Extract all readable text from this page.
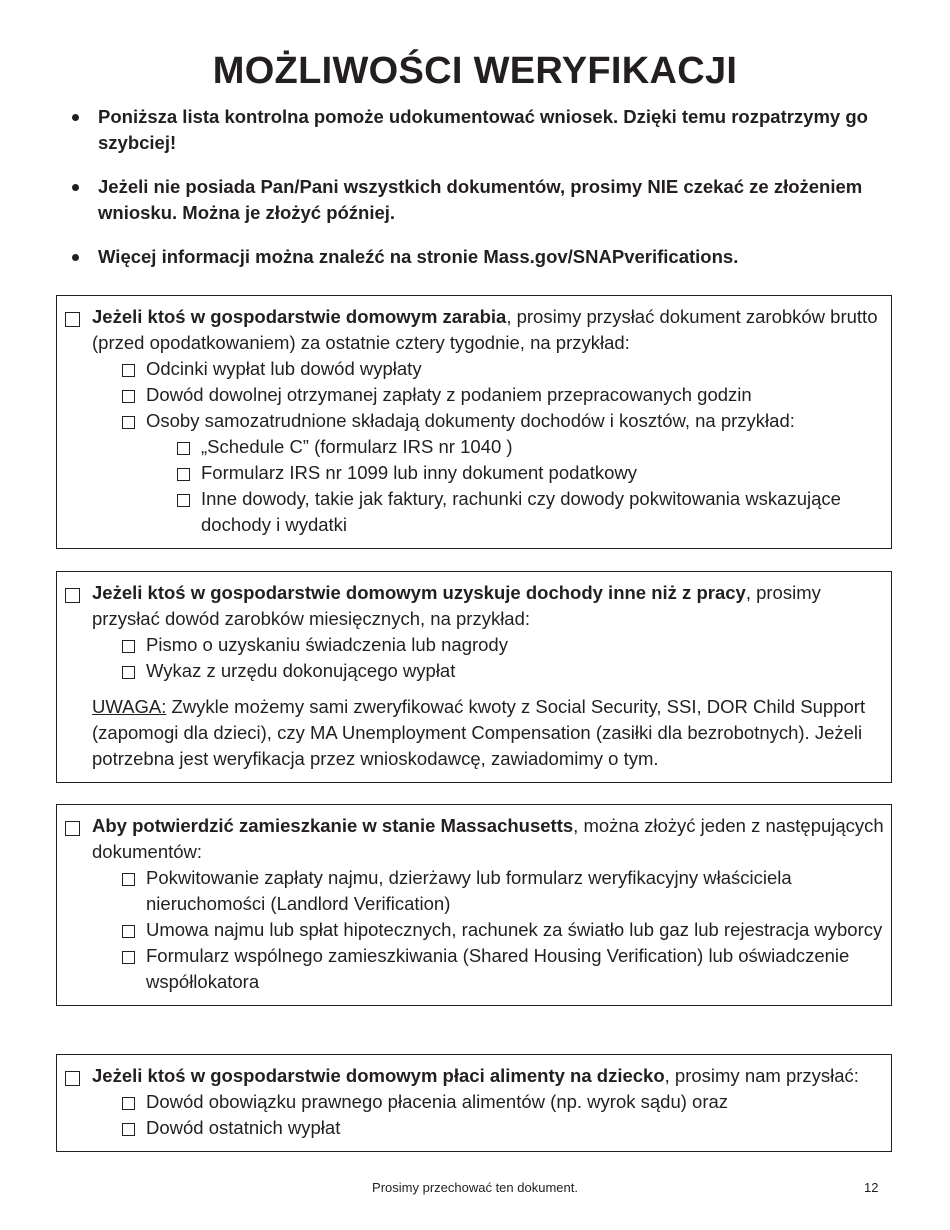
MOŻLIWOŚCI WERYFIKACJI
Poniższa lista kontrolna pomoże udokumentować wniosek. Dzięki temu rozpatrzymy go szybciej!
Jeżeli nie posiada Pan/Pani wszystkich dokumentów, prosimy NIE czekać ze złożeniem wniosku. Można je złożyć później.
Więcej informacji można znaleźć na stronie Mass.gov/SNAPverifications.
Jeżeli ktoś w gospodarstwie domowym zarabia, prosimy przysłać dokument zarobków brutto (przed opodatkowaniem) za ostatnie cztery tygodnie, na przykład:
Odcinki wypłat lub dowód wypłaty
Dowód dowolnej otrzymanej zapłaty z podaniem przepracowanych godzin
Osoby samozatrudnione składają dokumenty dochodów i kosztów, na przykład:
„Schedule C” (formularz IRS nr 1040 )
Formularz IRS nr 1099 lub inny dokument podatkowy
Inne dowody, takie jak faktury, rachunki czy dowody pokwitowania wskazujące dochody i wydatki
Jeżeli ktoś w gospodarstwie domowym uzyskuje dochody inne niż z pracy, prosimy przysłać dowód zarobków miesięcznych, na przykład:
Pismo o uzyskaniu świadczenia lub nagrody
Wykaz z urzędu dokonującego wypłat
UWAGA: Zwykle możemy sami zweryfikować kwoty z Social Security, SSI, DOR Child Support (zapomogi dla dzieci), czy MA Unemployment Compensation (zasiłki dla bezrobotnych). Jeżeli potrzebna jest weryfikacja przez wnioskodawcę, zawiadomimy o tym.
Aby potwierdzić zamieszkanie w stanie Massachusetts, można złożyć jeden z następujących dokumentów:
Pokwitowanie zapłaty najmu, dzierżawy lub formularz weryfikacyjny właściciela nieruchomości (Landlord Verification)
Umowa najmu lub spłat hipotecznych, rachunek za światło lub gaz lub rejestracja wyborcy
Formularz wspólnego zamieszkiwania (Shared Housing Verification) lub oświadczenie współlokatora
Jeżeli ktoś w gospodarstwie domowym płaci alimenty na dziecko, prosimy nam przysłać:
Dowód obowiązku prawnego płacenia alimentów (np. wyrok sądu) oraz
Dowód ostatnich wypłat
Prosimy przechować ten dokument.	12
